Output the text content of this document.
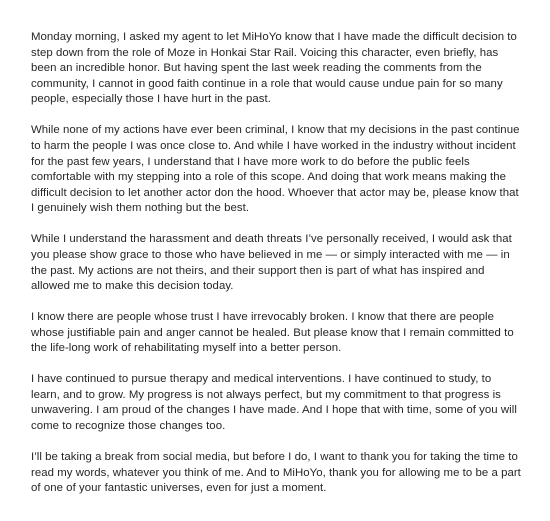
Monday morning, I asked my agent to let MiHoYo know that I have made the difficult decision to step down from the role of Moze in Honkai Star Rail. Voicing this character, even briefly, has been an incredible honor. But having spent the last week reading the comments from the community, I cannot in good faith continue in a role that would cause undue pain for so many people, especially those I have hurt in the past.

While none of my actions have ever been criminal, I know that my decisions in the past continue to harm the people I was once close to. And while I have worked in the industry without incident for the past few years, I understand that I have more work to do before the public feels comfortable with my stepping into a role of this scope. And doing that work means making the difficult decision to let another actor don the hood. Whoever that actor may be, please know that I genuinely wish them nothing but the best.

While I understand the harassment and death threats I’ve personally received, I would ask that you please show grace to those who have believed in me — or simply interacted with me — in the past. My actions are not theirs, and their support then is part of what has inspired and allowed me to make this decision today.

I know there are people whose trust I have irrevocably broken. I know that there are people whose justifiable pain and anger cannot be healed. But please know that I remain committed to the life-long work of rehabilitating myself into a better person.

I have continued to pursue therapy and medical interventions. I have continued to study, to learn, and to grow. My progress is not always perfect, but my commitment to that progress is unwavering. I am proud of the changes I have made. And I hope that with time, some of you will come to recognize those changes too.

I’ll be taking a break from social media, but before I do, I want to thank you for taking the time to read my words, whatever you think of me. And to MiHoYo, thank you for allowing me to be a part of one of your fantastic universes, even for just a moment.
